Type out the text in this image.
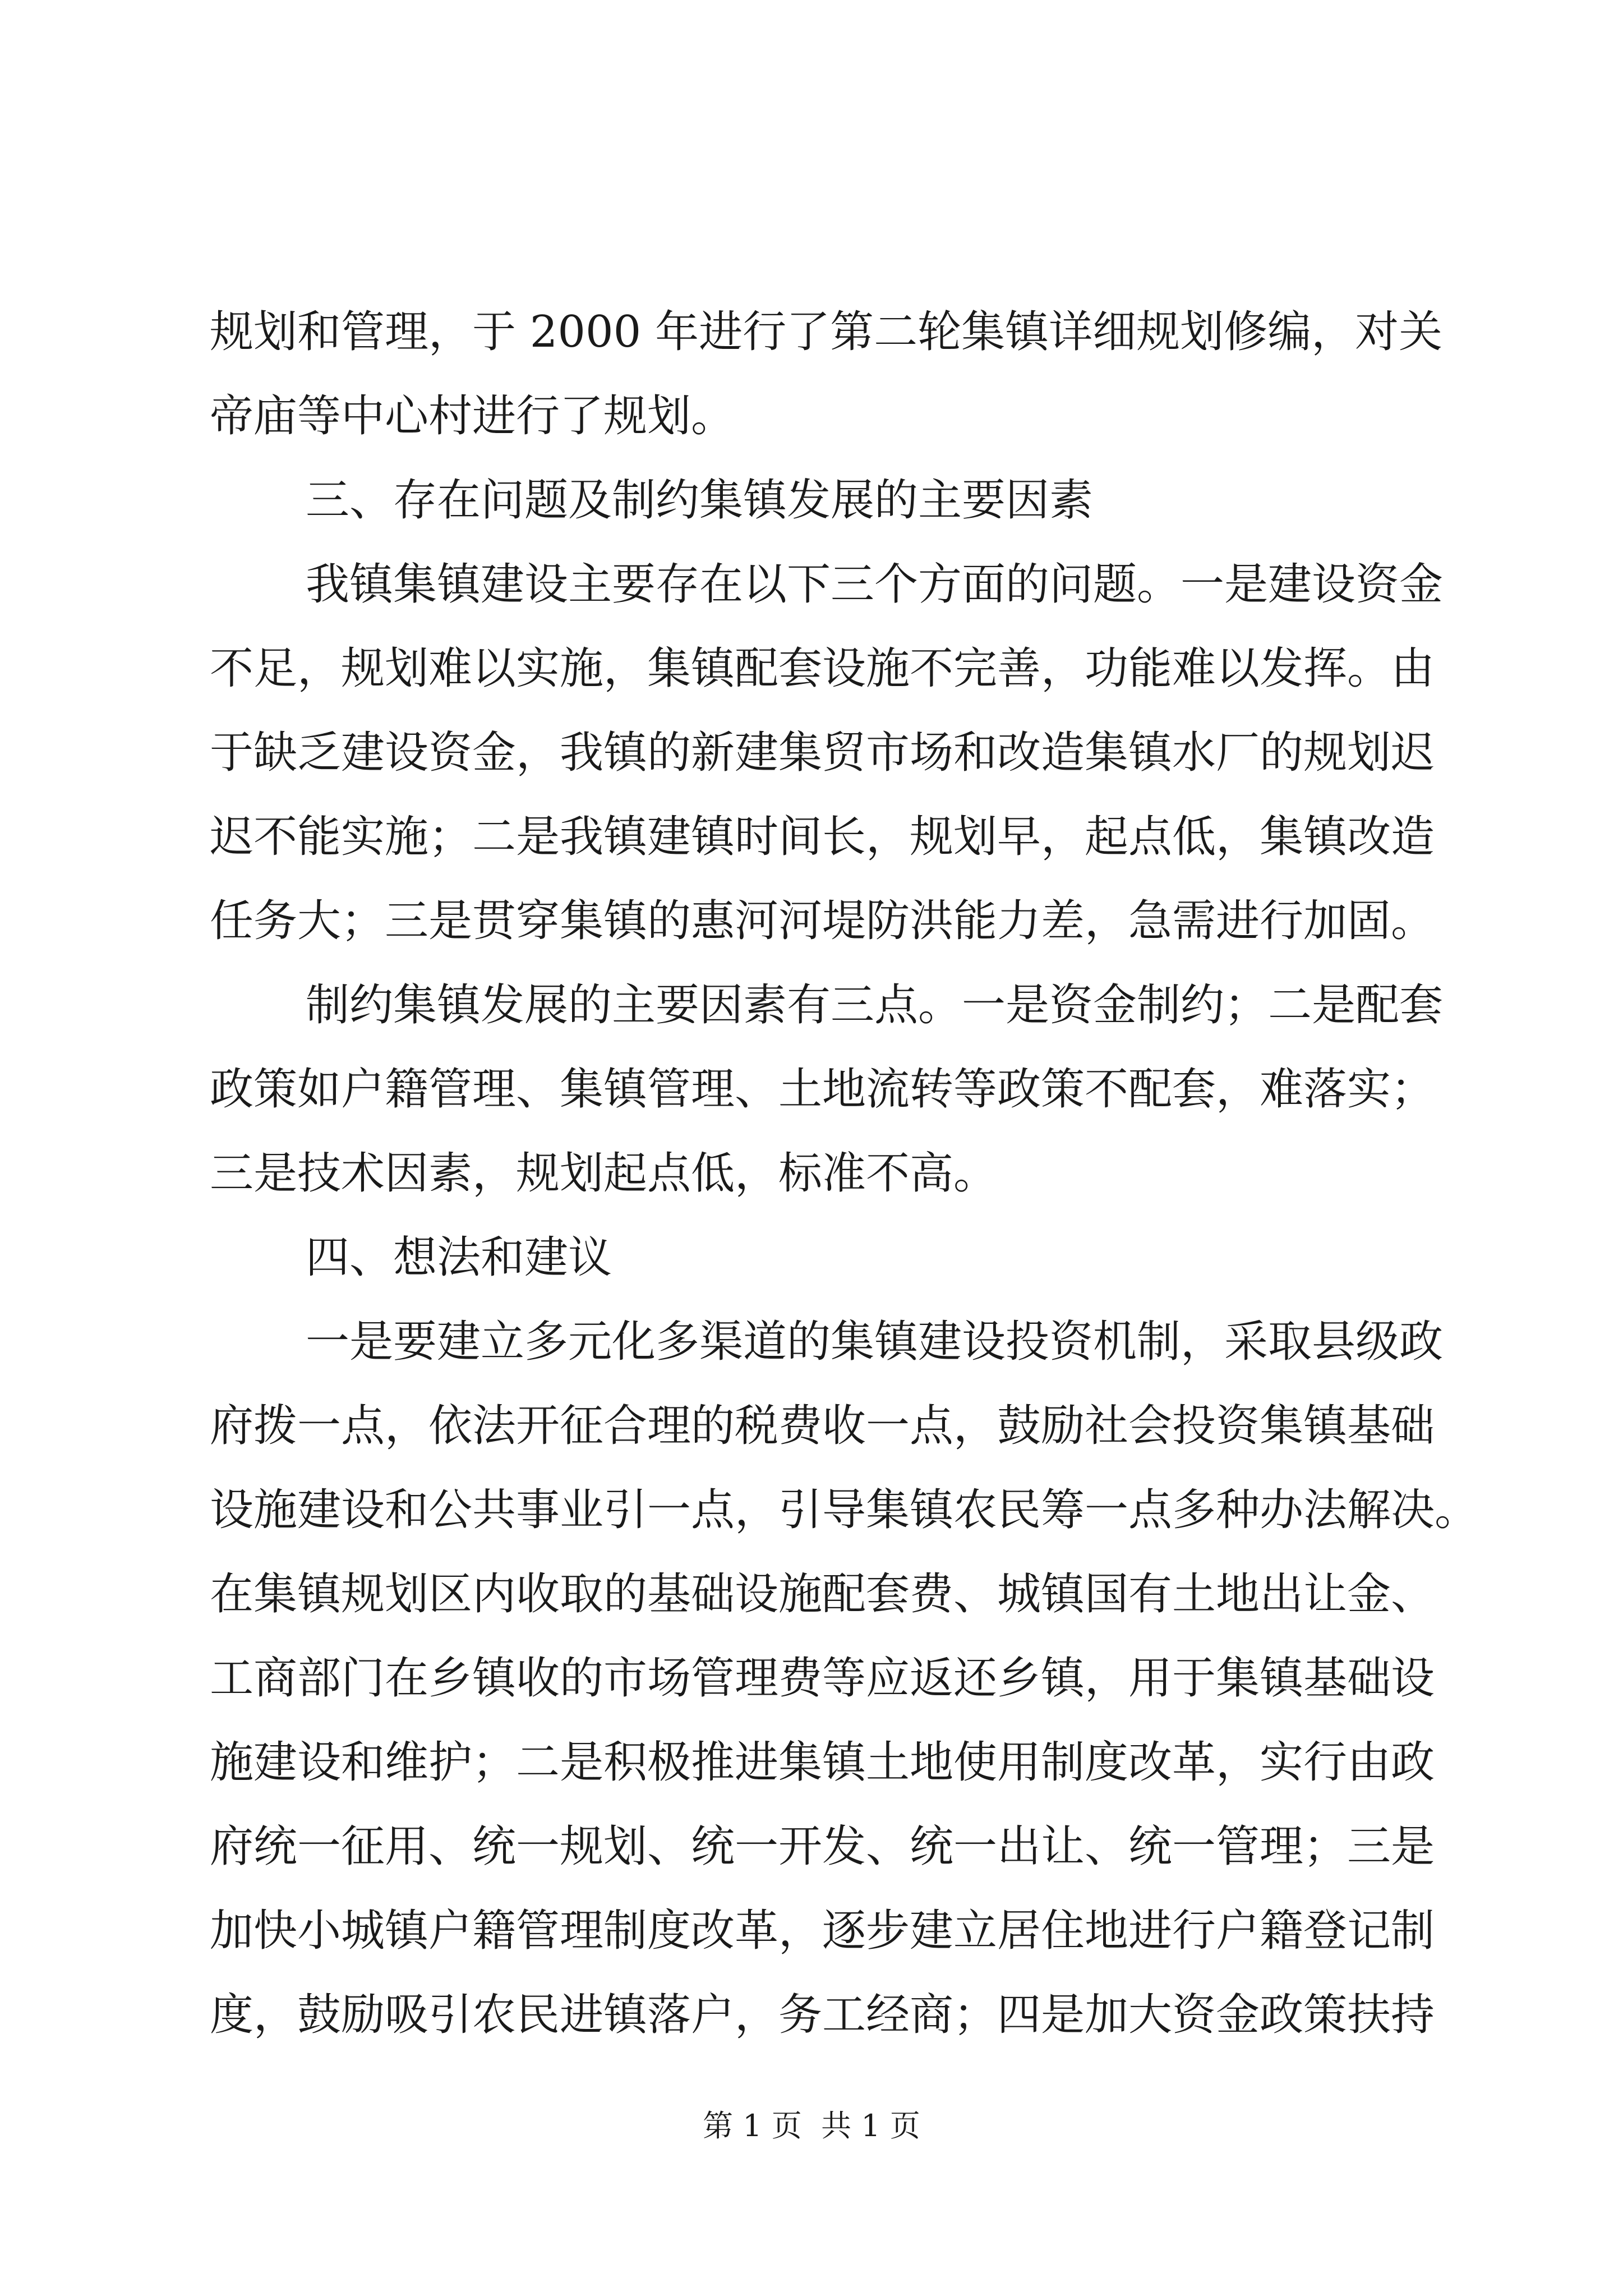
规划和管理，于 2000 年进行了第二轮集镇详细规划修编，对关
帝庙等中心村进行了规划。
三、存在问题及制约集镇发展的主要因素
我镇集镇建设主要存在以下三个方面的问题。一是建设资金
不足，规划难以实施，集镇配套设施不完善，功能难以发挥。由
于缺乏建设资金，我镇的新建集贸市场和改造集镇水厂的规划迟
迟不能实施；二是我镇建镇时间长，规划早，起点低，集镇改造
任务大；三是贯穿集镇的惠河河堤防洪能力差，急需进行加固。
制约集镇发展的主要因素有三点。一是资金制约；二是配套
政策如户籍管理、集镇管理、土地流转等政策不配套，难落实；
三是技术因素，规划起点低，标准不高。
四、想法和建议
一是要建立多元化多渠道的集镇建设投资机制，采取县级政
府拨一点，依法开征合理的税费收一点，鼓励社会投资集镇基础
设施建设和公共事业引一点，引导集镇农民筹一点多种办法解决。
在集镇规划区内收取的基础设施配套费、城镇国有土地出让金、
工商部门在乡镇收的市场管理费等应返还乡镇，用于集镇基础设
施建设和维护；二是积极推进集镇土地使用制度改革，实行由政
府统一征用、统一规划、统一开发、统一出让、统一管理；三是
加快小城镇户籍管理制度改革，逐步建立居住地进行户籍登记制
度，鼓励吸引农民进镇落户，务工经商；四是加大资金政策扶持
第 1 页  共 1 页
